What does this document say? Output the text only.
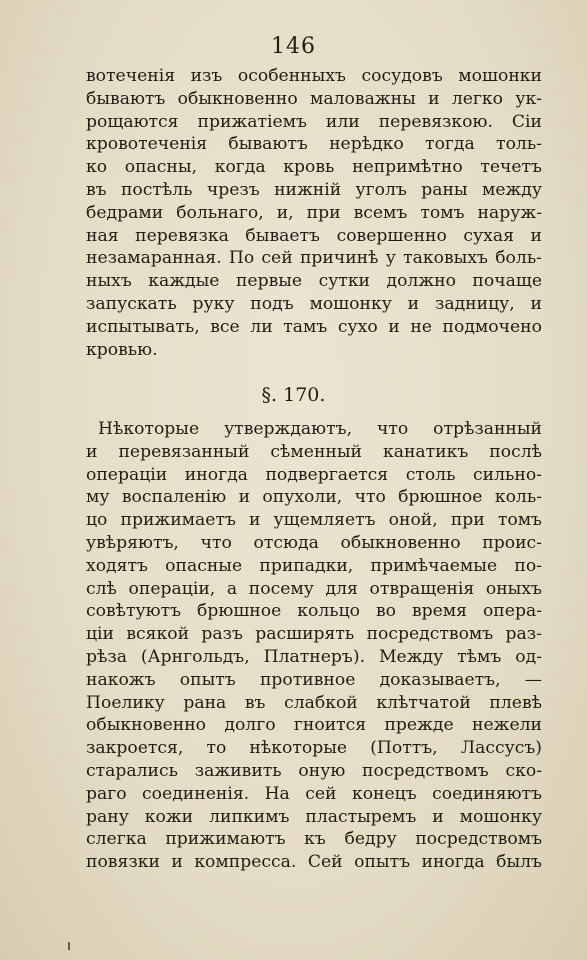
146
вотеченія изъ особенныхъ сосудовъ мошонки
бываютъ обыкновенно маловажны и легко ук-
рощаются прижатіемъ или перевязкою. Сіи
кровотеченія бываютъ нерѣдко тогда толь-
ко опасны, когда кровь непримѣтно течетъ
въ постѣль чрезъ нижній уголъ раны между
бедрами больнаго, и, при всемъ томъ наруж-
ная перевязка бываетъ совершенно сухая и
незамаранная. По сей причинѣ у таковыхъ боль-
ныхъ каждые первые сутки должно почаще
запускать руку подъ мошонку и задницу, и
испытывать, все ли тамъ сухо и не подмочено
кровью.
§. 170.
Нѣкоторые утверждаютъ, что отрѣзанный
и перевязанный сѣменный канатикъ послѣ
операціи иногда подвергается столь сильно-
му воспаленію и опухоли, что брюшное коль-
цо прижимаетъ и ущемляетъ оной, при томъ
увѣряютъ, что отсюда обыкновенно проиc-
ходятъ опасные припадки, примѣчаемые по-
слѣ операціи, а посему для отвращенія оныхъ
совѣтуютъ брюшное кольцо во время опера-
ціи всякой разъ расширять посредствомъ раз-
рѣза (Арнгольдъ, Платнеръ). Между тѣмъ од-
накожъ опытъ противное доказываетъ, —
Поелику рана въ слабкой клѣтчатой плевѣ
обыкновенно долго гноится прежде нежели
закроется, то нѣкоторые (Поттъ, Лассусъ)
старались заживить оную посредствомъ ско-
раго соединенія. На сей конецъ соединяютъ
рану кожи липкимъ пластыремъ и мошонку
слегка прижимаютъ къ бедру посредствомъ
повязки и компресса. Сей опытъ иногда былъ
